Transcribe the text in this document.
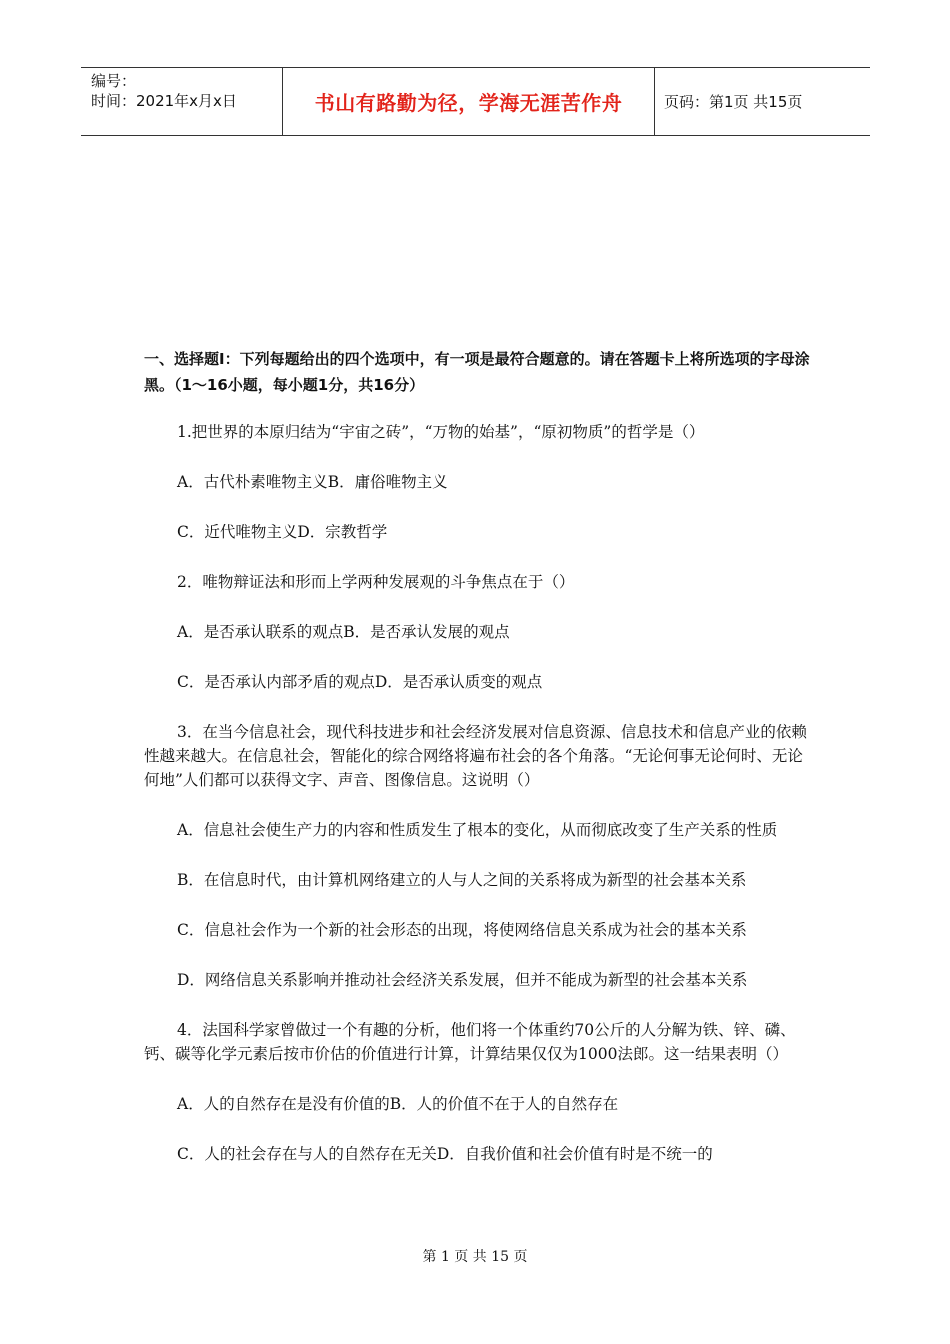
编号：
时间：2021年x月x日	书山有路勤为径，学海无涯苦作舟	页码：第1页 共15页

一、选择题Ⅰ：下列每题给出的四个选项中，有一项是最符合题意的。请在答题卡上将所选项的字母涂黑。（1～16小题，每小题1分，共16分）

1.把世界的本原归结为“宇宙之砖”，“万物的始基”，“原初物质”的哲学是（）

A．古代朴素唯物主义B．庸俗唯物主义

C．近代唯物主义D．宗教哲学

2．唯物辩证法和形而上学两种发展观的斗争焦点在于（）

A．是否承认联系的观点B．是否承认发展的观点

C．是否承认内部矛盾的观点D．是否承认质变的观点

3．在当今信息社会，现代科技进步和社会经济发展对信息资源、信息技术和信息产业的依赖性越来越大。在信息社会，智能化的综合网络将遍布社会的各个角落。“无论何事无论何时、无论何地”人们都可以获得文字、声音、图像信息。这说明（）

A．信息社会使生产力的内容和性质发生了根本的变化，从而彻底改变了生产关系的性质

B．在信息时代，由计算机网络建立的人与人之间的关系将成为新型的社会基本关系

C．信息社会作为一个新的社会形态的出现，将使网络信息关系成为社会的基本关系

D．网络信息关系影响并推动社会经济关系发展，但并不能成为新型的社会基本关系

4．法国科学家曾做过一个有趣的分析，他们将一个体重约70公斤的人分解为铁、锌、磷、钙、碳等化学元素后按市价估的价值进行计算，计算结果仅仅为1000法郎。这一结果表明（）

A．人的自然存在是没有价值的B．人的价值不在于人的自然存在

C．人的社会存在与人的自然存在无关D．自我价值和社会价值有时是不统一的

第 1 页 共 15 页
